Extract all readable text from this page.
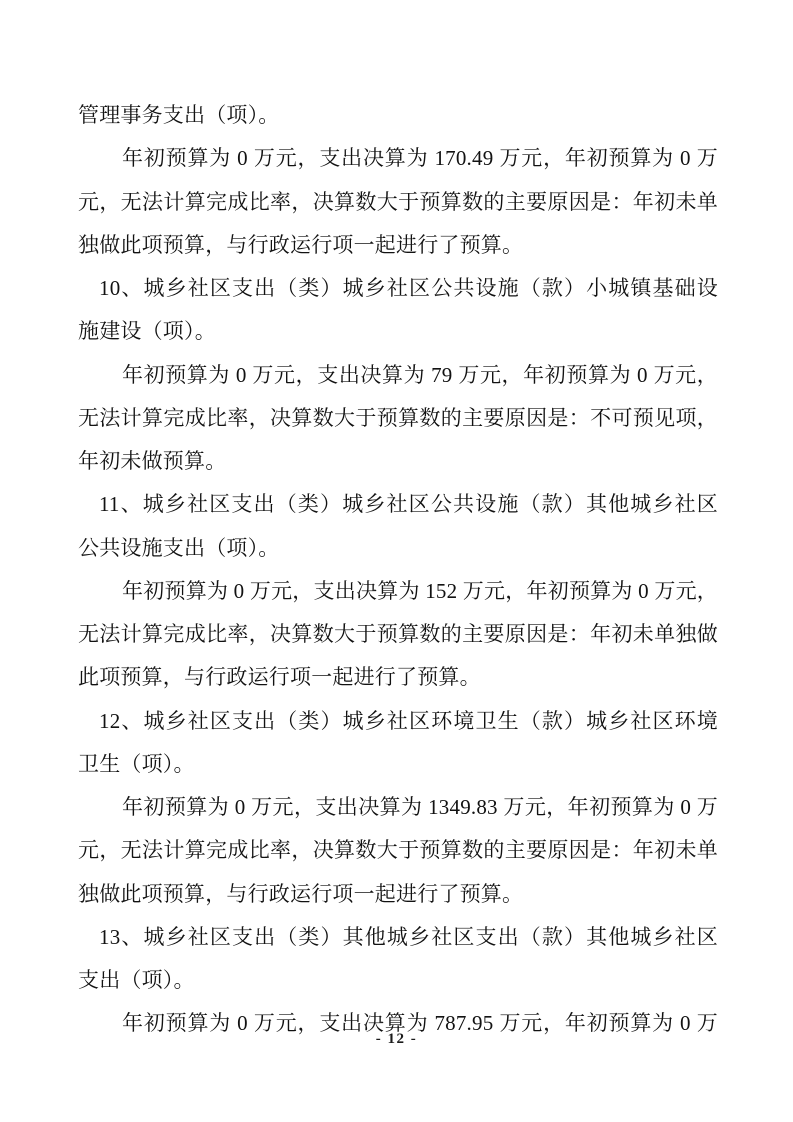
管理事务支出（项）。

年初预算为 0 万元，支出决算为 170.49 万元，年初预算为 0 万

元，无法计算完成比率，决算数大于预算数的主要原因是：年初未单

独做此项预算，与行政运行项一起进行了预算。

10、城乡社区支出（类）城乡社区公共设施（款）小城镇基础设

施建设（项）。

年初预算为 0 万元，支出决算为 79 万元，年初预算为 0 万元，

无法计算完成比率，决算数大于预算数的主要原因是：不可预见项，

年初未做预算。

11、城乡社区支出（类）城乡社区公共设施（款）其他城乡社区

公共设施支出（项）。

年初预算为 0 万元，支出决算为 152 万元，年初预算为 0 万元，

无法计算完成比率，决算数大于预算数的主要原因是：年初未单独做

此项预算，与行政运行项一起进行了预算。

12、城乡社区支出（类）城乡社区环境卫生（款）城乡社区环境

卫生（项）。

年初预算为 0 万元，支出决算为 1349.83 万元，年初预算为 0 万

元，无法计算完成比率，决算数大于预算数的主要原因是：年初未单

独做此项预算，与行政运行项一起进行了预算。

13、城乡社区支出（类）其他城乡社区支出（款）其他城乡社区

支出（项）。

年初预算为 0 万元，支出决算为 787.95 万元，年初预算为 0 万

- 12 -
